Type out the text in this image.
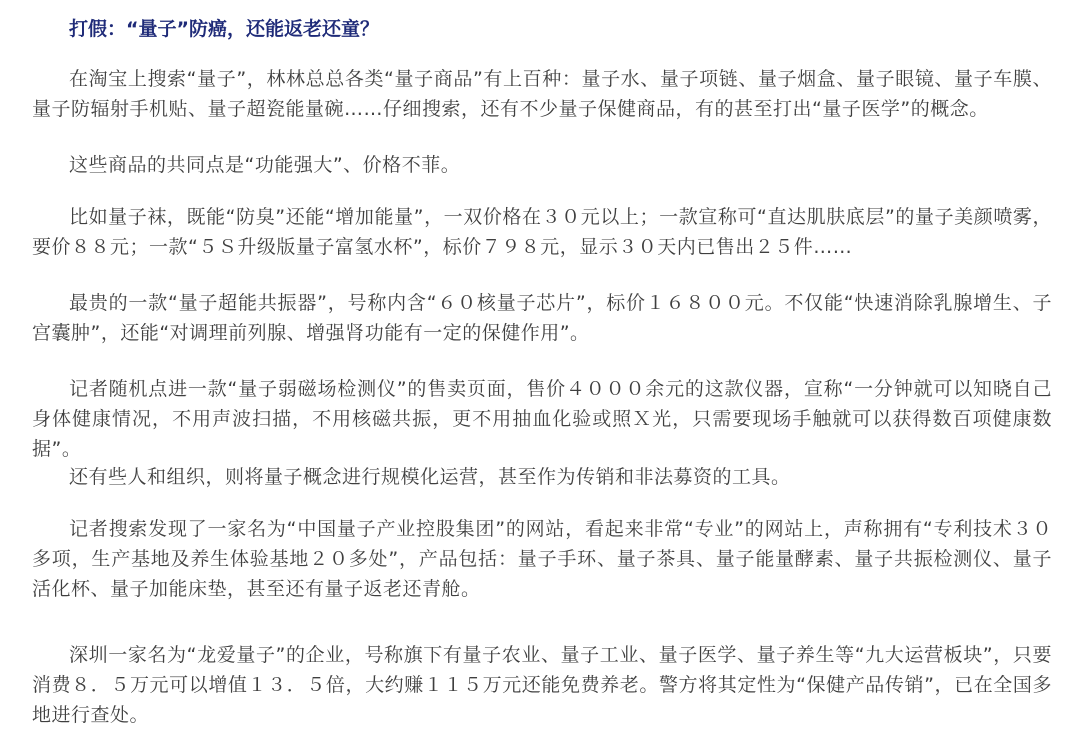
打假：“量子”防癌，还能返老还童？

在淘宝上搜索“量子”，林林总总各类“量子商品”有上百种：量子水、量子项链、量子烟盒、量子眼镜、量子车膜、量子防辐射手机贴、量子超瓷能量碗……仔细搜索，还有不少量子保健商品，有的甚至打出“量子医学”的概念。

这些商品的共同点是“功能强大”、价格不菲。

比如量子袜，既能“防臭”还能“增加能量”，一双价格在３０元以上；一款宣称可“直达肌肤底层”的量子美颜喷雾，要价８８元；一款“５Ｓ升级版量子富氢水杯”，标价７９８元，显示３０天内已售出２５件……

最贵的一款“量子超能共振器”，号称内含“６０核量子芯片”，标价１６８００元。不仅能“快速消除乳腺增生、子宫囊肿”，还能“对调理前列腺、增强肾功能有一定的保健作用”。

记者随机点进一款“量子弱磁场检测仪”的售卖页面，售价４０００余元的这款仪器，宣称“一分钟就可以知晓自己身体健康情况，不用声波扫描，不用核磁共振，更不用抽血化验或照Ｘ光，只需要现场手触就可以获得数百项健康数据”。

还有些人和组织，则将量子概念进行规模化运营，甚至作为传销和非法募资的工具。

记者搜索发现了一家名为“中国量子产业控股集团”的网站，看起来非常“专业”的网站上，声称拥有“专利技术３０多项，生产基地及养生体验基地２０多处”，产品包括：量子手环、量子茶具、量子能量酵素、量子共振检测仪、量子活化杯、量子加能床垫，甚至还有量子返老还青舱。

深圳一家名为“龙爱量子”的企业，号称旗下有量子农业、量子工业、量子医学、量子养生等“九大运营板块”，只要消费８．５万元可以增值１３．５倍，大约赚１１５万元还能免费养老。警方将其定性为“保健产品传销”，已在全国多地进行查处。
